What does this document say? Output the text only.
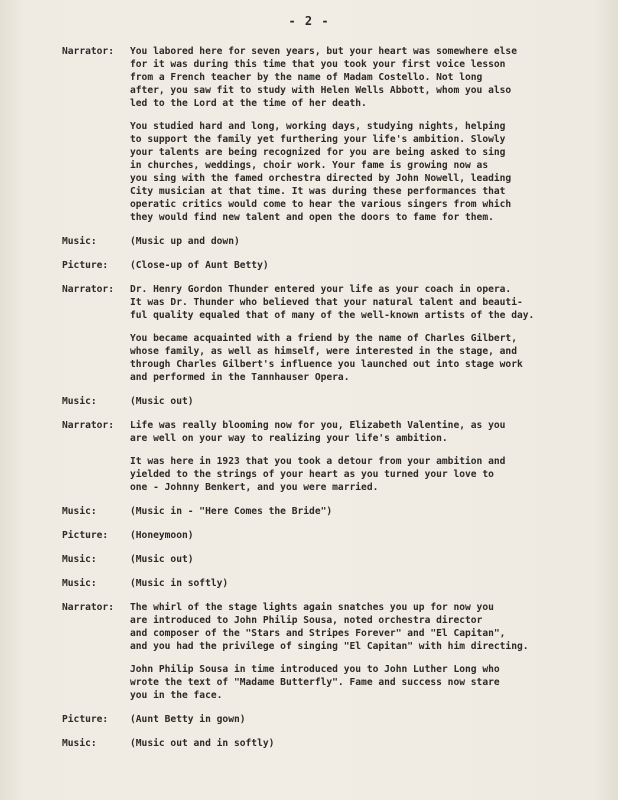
- 2 -
Narrator:	You labored here for seven years, but your heart was somewhere else
for it was during this time that you took your first voice lesson
from a French teacher by the name of Madam Costello. Not long
after, you saw fit to study with Helen Wells Abbott, whom you also
led to the Lord at the time of her death.

You studied hard and long, working days, studying nights, helping
to support the family yet furthering your life's ambition. Slowly
your talents are being recognized for you are being asked to sing
in churches, weddings, choir work. Your fame is growing now as
you sing with the famed orchestra directed by John Nowell, leading
City musician at that time. It was during these performances that
operatic critics would come to hear the various singers from which
they would find new talent and open the doors to fame for them.

Music:	(Music up and down)

Picture:	(Close-up of Aunt Betty)

Narrator:	Dr. Henry Gordon Thunder entered your life as your coach in opera.
It was Dr. Thunder who believed that your natural talent and beauti-
ful quality equaled that of many of the well-known artists of the day.

You became acquainted with a friend by the name of Charles Gilbert,
whose family, as well as himself, were interested in the stage, and
through Charles Gilbert's influence you launched out into stage work
and performed in the Tannhauser Opera.

Music:	(Music out)

Narrator:	Life was really blooming now for you, Elizabeth Valentine, as you
are well on your way to realizing your life's ambition.

It was here in 1923 that you took a detour from your ambition and
yielded to the strings of your heart as you turned your love to
one - Johnny Benkert, and you were married.

Music:	(Music in - "Here Comes the Bride")

Picture:	(Honeymoon)

Music:	(Music out)

Music:	(Music in softly)

Narrator:	The whirl of the stage lights again snatches you up for now you
are introduced to John Philip Sousa, noted orchestra director
and composer of the "Stars and Stripes Forever" and "El Capitan",
and you had the privilege of singing "El Capitan" with him directing.

John Philip Sousa in time introduced you to John Luther Long who
wrote the text of "Madame Butterfly". Fame and success now stare
you in the face.

Picture:	(Aunt Betty in gown)

Music:	(Music out and in softly)
